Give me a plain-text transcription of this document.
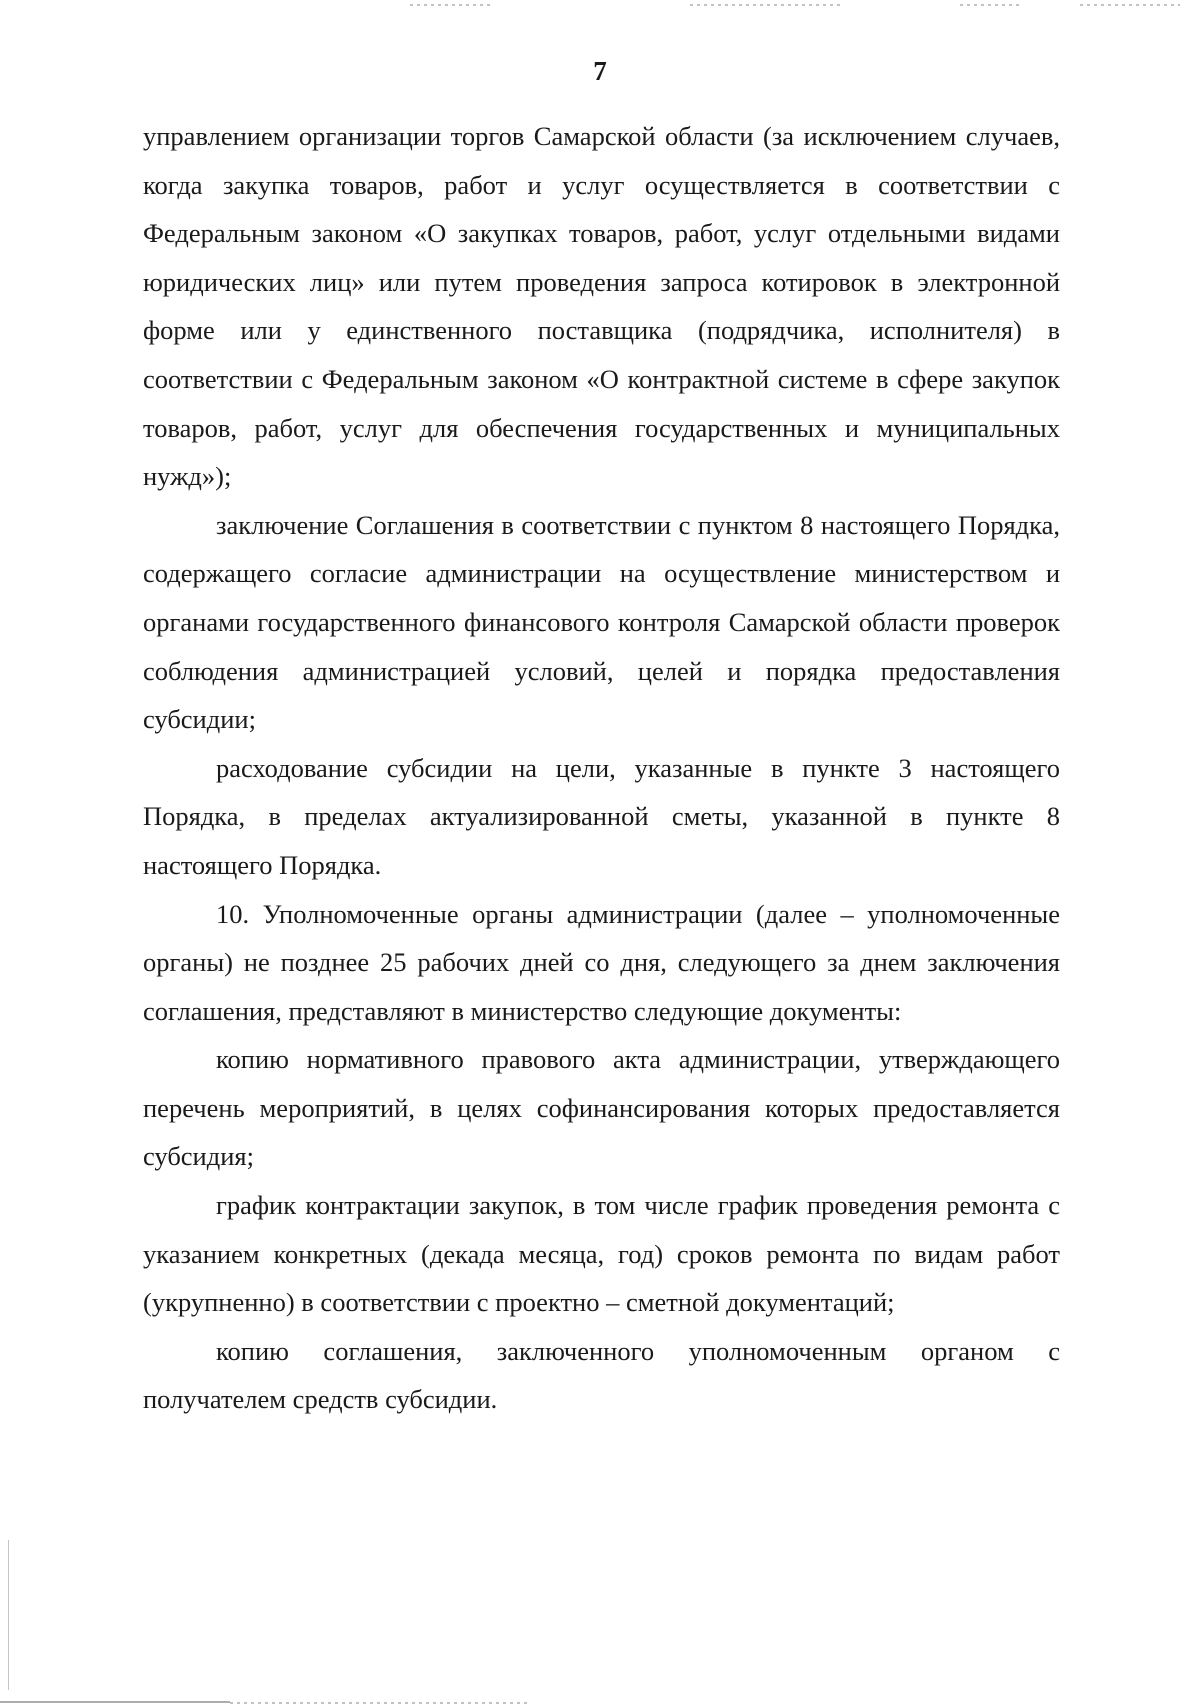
7

управлением организации торгов Самарской области (за исключением случаев, когда закупка товаров, работ и услуг осуществляется в соответствии с Федеральным законом «О закупках товаров, работ, услуг отдельными видами юридических лиц» или путем проведения запроса котировок в электронной форме или у единственного поставщика (подрядчика, исполнителя) в соответствии с Федеральным законом «О контрактной системе в сфере закупок товаров, работ, услуг для обеспечения государственных и муниципальных нужд»);

заключение Соглашения в соответствии с пунктом 8 настоящего Порядка, содержащего согласие администрации на осуществление министерством и органами государственного финансового контроля Самарской области проверок соблюдения администрацией условий, целей и порядка предоставления субсидии;

расходование субсидии на цели, указанные в пункте 3 настоящего Порядка, в пределах актуализированной сметы, указанной в пункте 8 настоящего Порядка.

10. Уполномоченные органы администрации (далее – уполномоченные органы) не позднее 25 рабочих дней со дня, следующего за днем заключения соглашения, представляют в министерство следующие документы:

копию нормативного правового акта администрации, утверждающего перечень мероприятий, в целях софинансирования которых предоставляется субсидия;

график контрактации закупок, в том числе график проведения ремонта с указанием конкретных (декада месяца, год) сроков ремонта по видам работ (укрупненно) в соответствии с проектно – сметной документаций;

копию соглашения, заключенного уполномоченным органом с получателем средств субсидии.
